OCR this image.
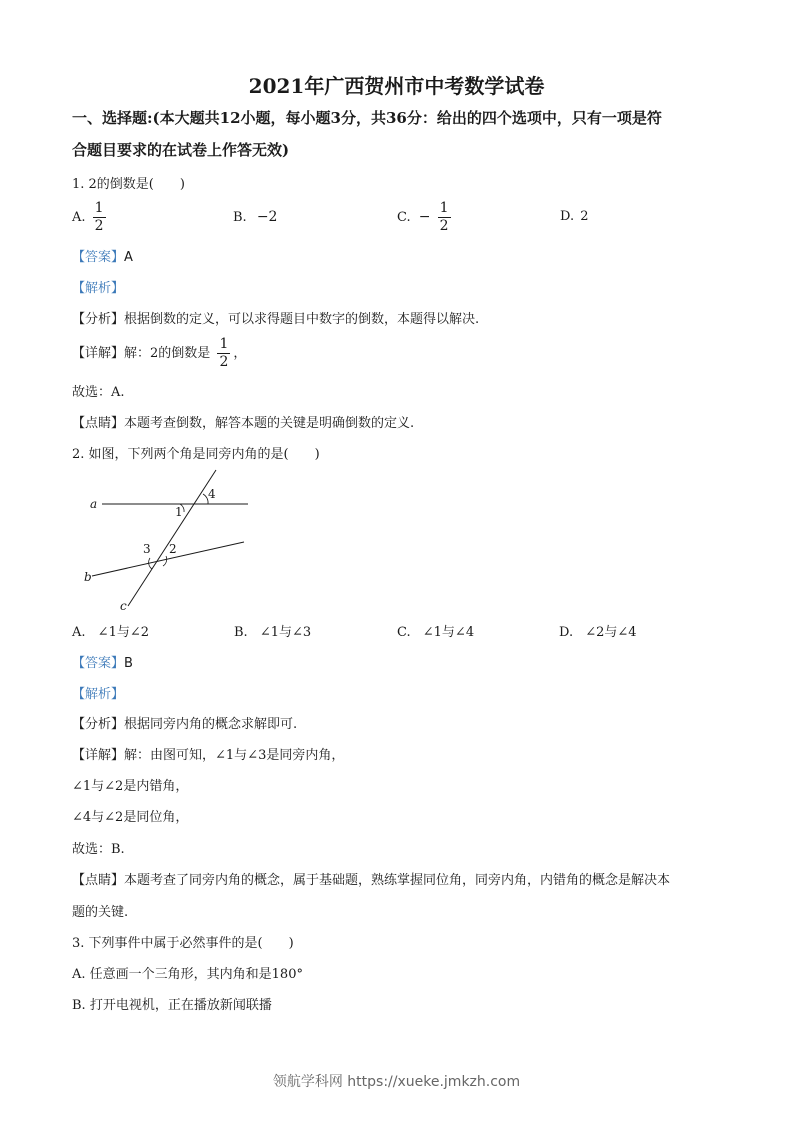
2021年广西贺州市中考数学试卷
一、选择题:(本大题共12小题，每小题3分，共36分：给出的四个选项中，只有一项是符
合题目要求的在试卷上作答无效)
1. 2的倒数是(　　)
A. $\frac{1}{2}$	B. −2	C. − $\frac{1}{2}$	D. 2
【答案】A
【解析】
【分析】根据倒数的定义，可以求得题目中数字的倒数，本题得以解决.
【详解】解：2的倒数是 $\frac{1}{2}$ ，
故选：A.
【点睛】本题考查倒数，解答本题的关键是明确倒数的定义.
2. 如图，下列两个角是同旁内角的是(　　)
a
b
c
4
1
3 2
A. ∠1与∠2	B. ∠1与∠3	C. ∠1与∠4	D. ∠2与∠4
【答案】B
【解析】
【分析】根据同旁内角的概念求解即可.
【详解】解：由图可知，∠1与∠3是同旁内角，
∠1与∠2是内错角，
∠4与∠2是同位角，
故选：B.
【点睛】本题考查了同旁内角的概念，属于基础题，熟练掌握同位角，同旁内角，内错角的概念是解决本
题的关键.
3. 下列事件中属于必然事件的是(　　)
A. 任意画一个三角形，其内角和是180°
B. 打开电视机，正在播放新闻联播
领航学科网 https://xueke.jmkzh.com
